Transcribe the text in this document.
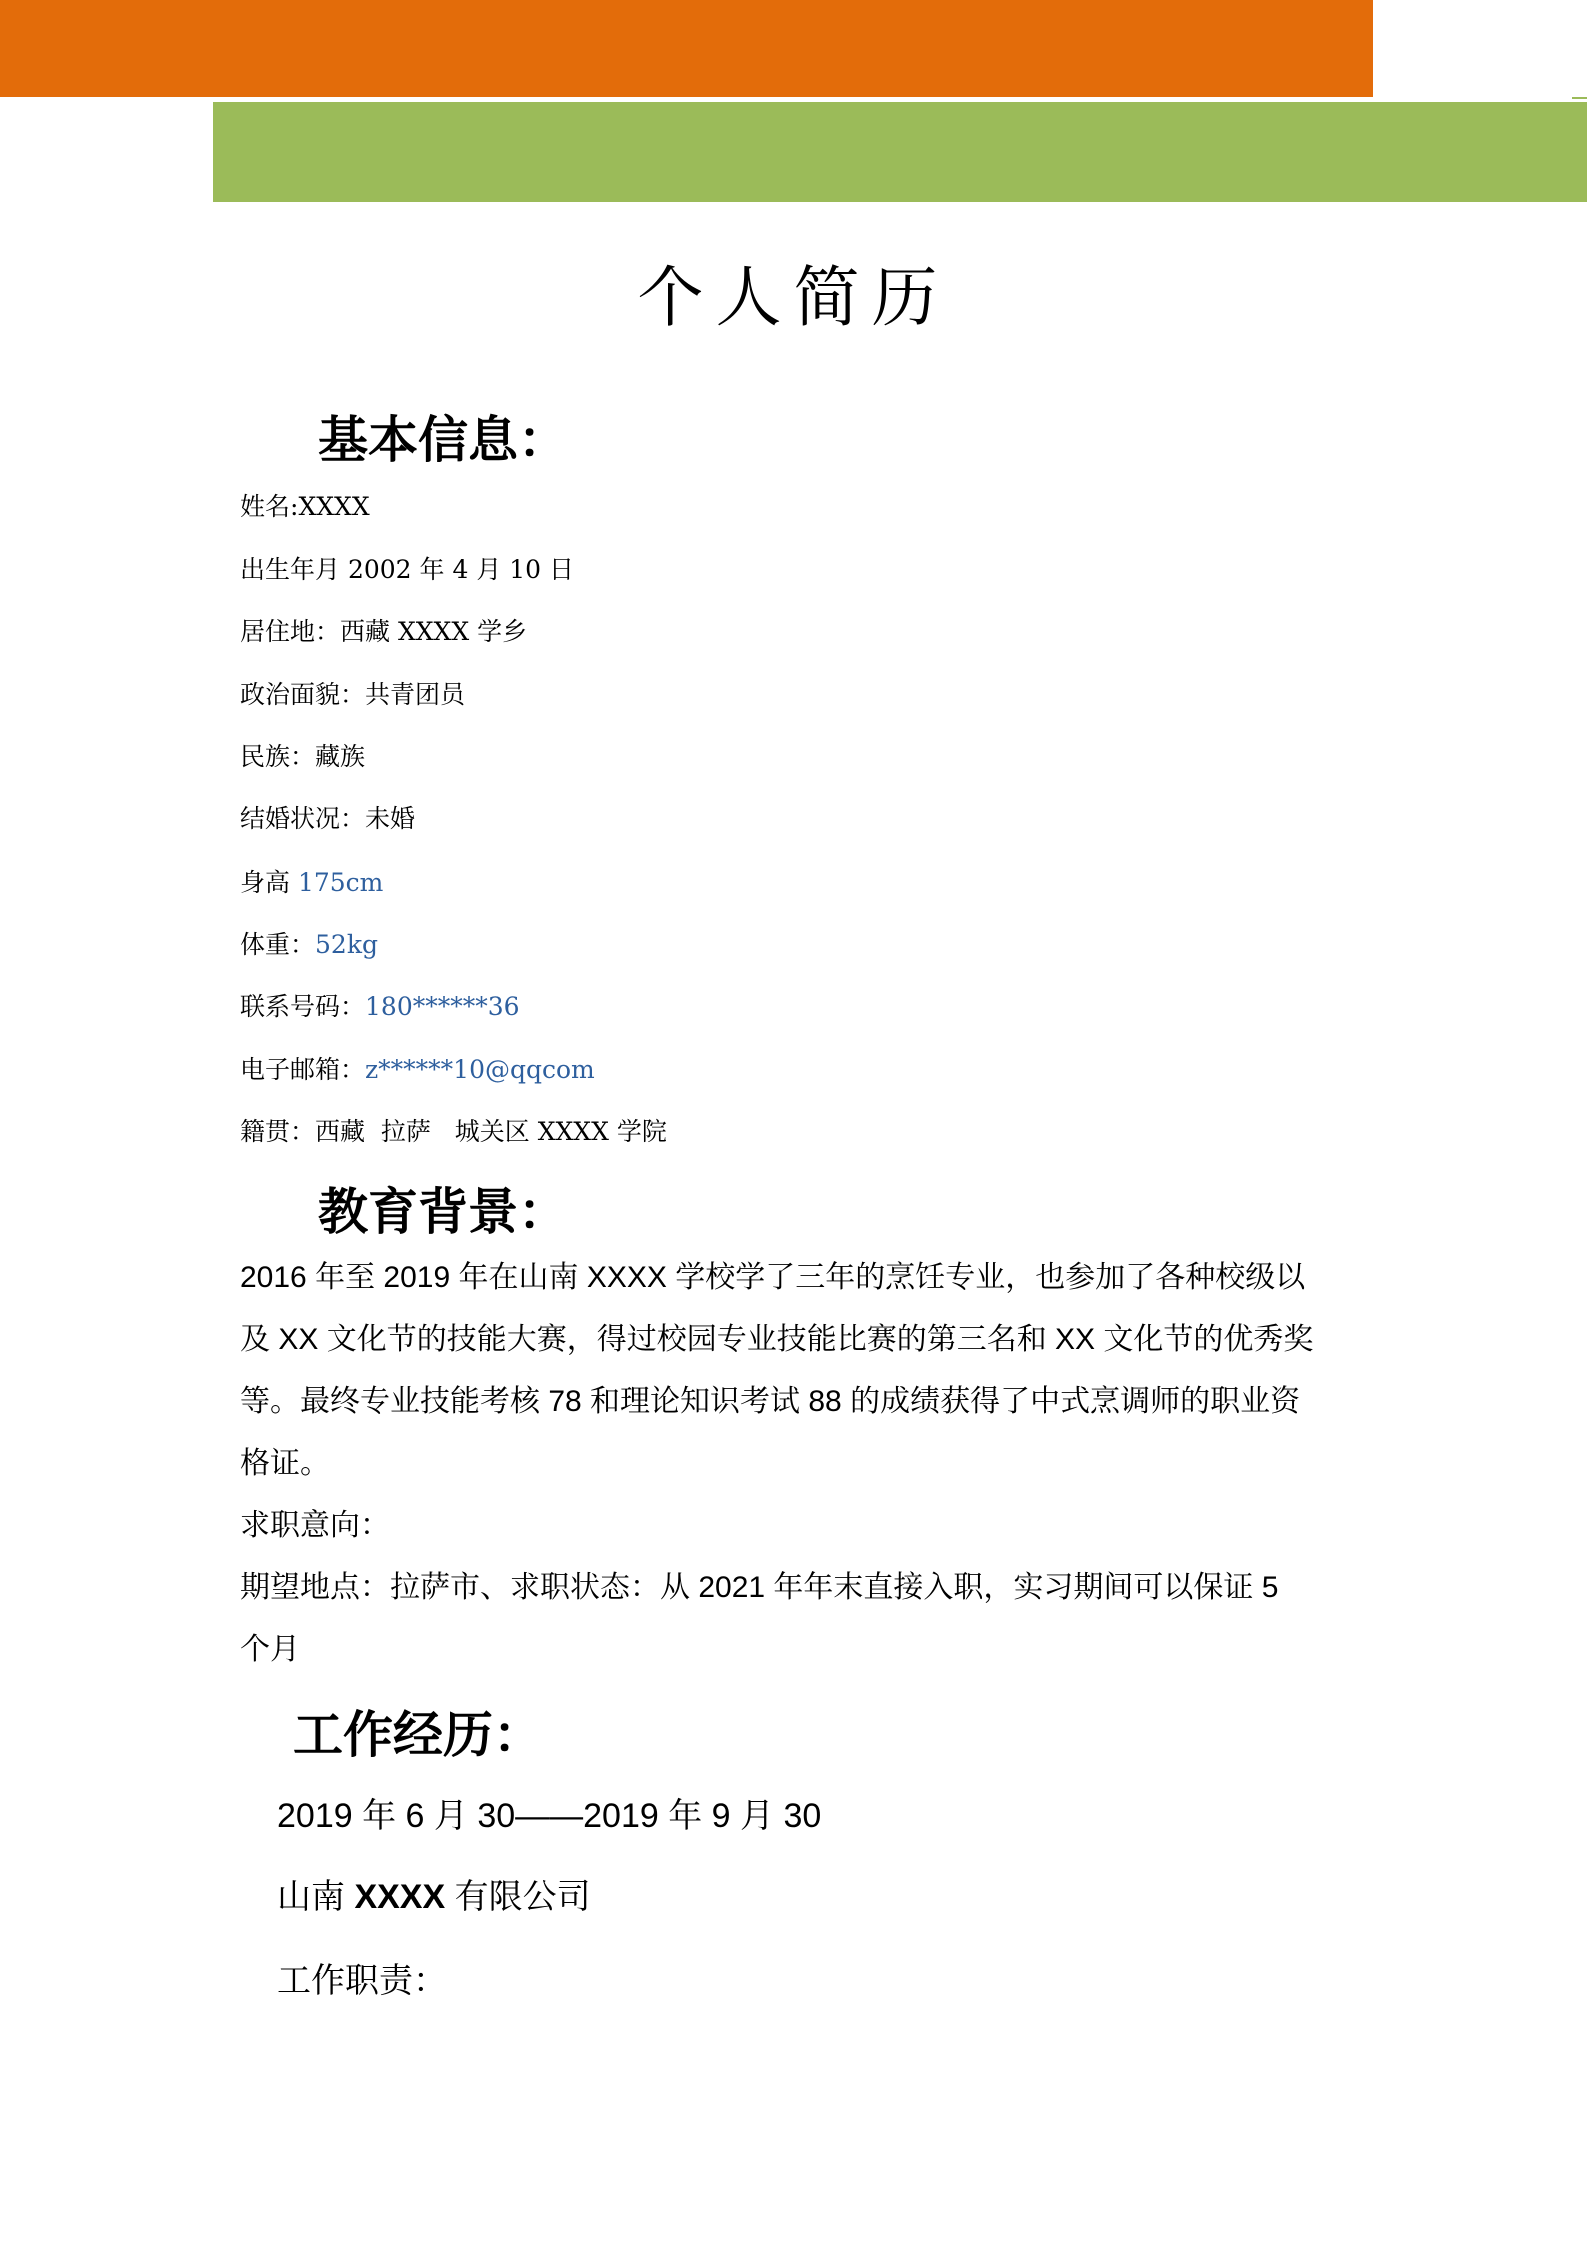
个人简历
基本信息：
姓名:XXXX
出生年月 2002 年 4 月 10 日
居住地：西藏 XXXX 学乡
政治面貌：共青团员
民族：藏族
结婚状况：未婚
身高 175cm
体重：52kg
联系号码：180******36
电子邮箱：z******10@qqcom
籍贯：西藏  拉萨   城关区 XXXX 学院
教育背景：

2016 年至 2019 年在山南 XXXX 学校学了三年的烹饪专业，也参加了各种校级以

及 XX 文化节的技能大赛，得过校园专业技能比赛的第三名和 XX 文化节的优秀奖

等。最终专业技能考核 78 和理论知识考试 88 的成绩获得了中式烹调师的职业资

格证。

求职意向：

期望地点：拉萨市、求职状态：从 2021 年年末直接入职，实习期间可以保证 5

个月

工作经历：
2019 年 6 月 30——2019 年 9 月 30
山南 XXXX 有限公司
工作职责：
